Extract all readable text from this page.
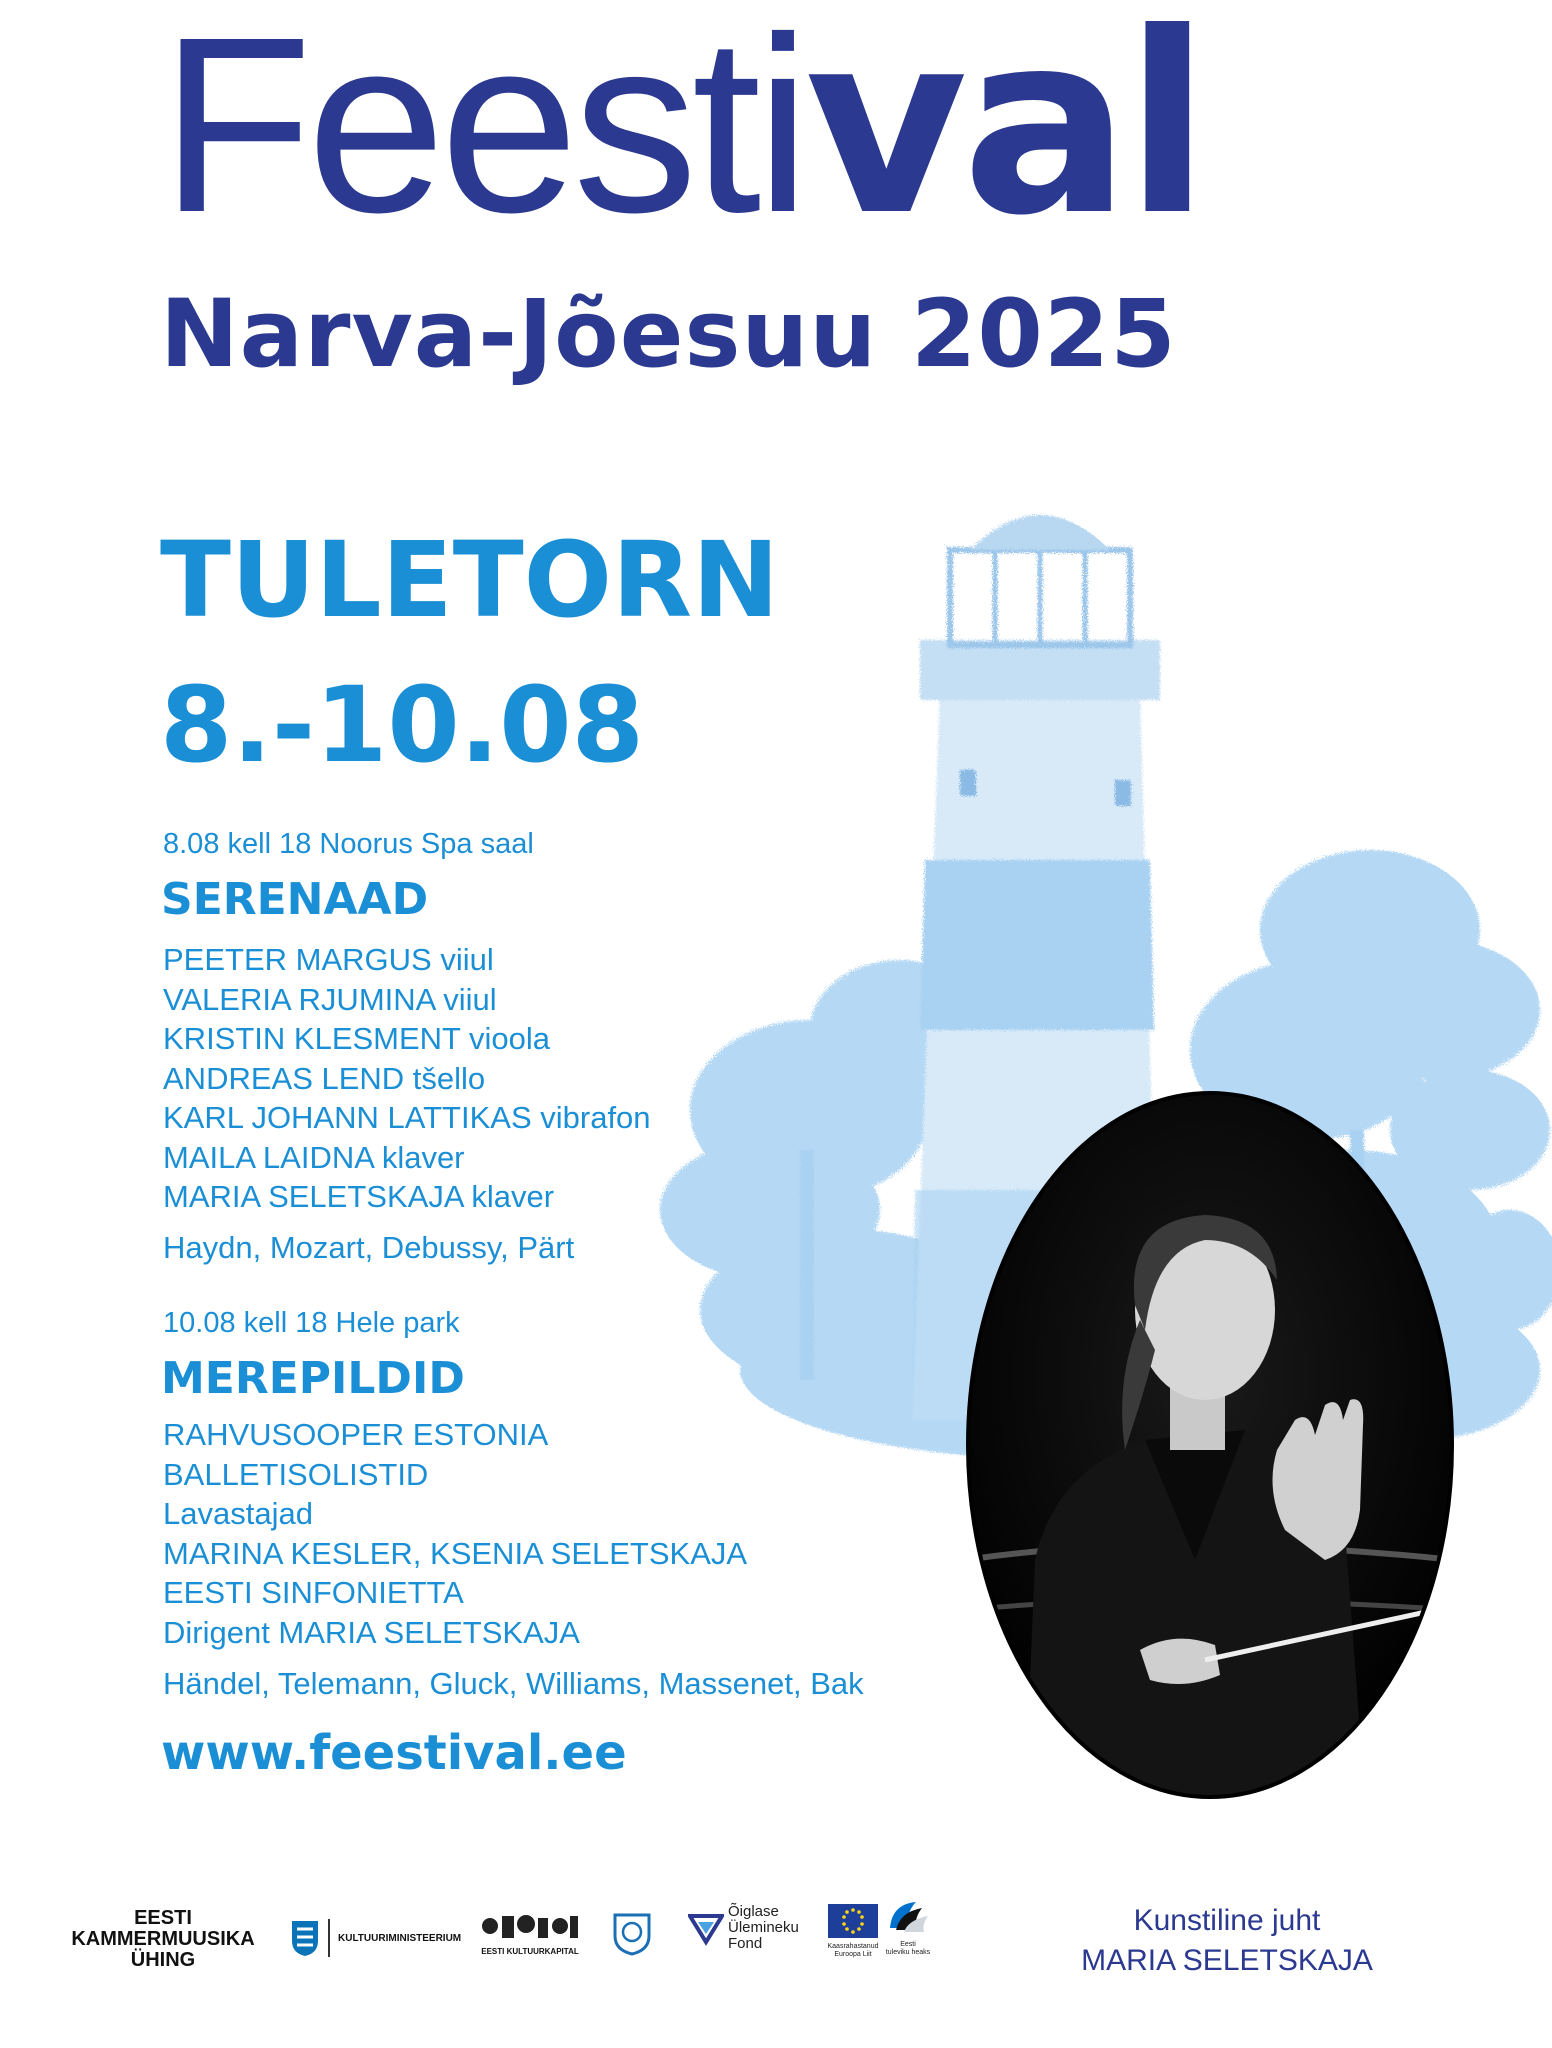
Feestival
Narva-Jõesuu 2025
TULETORN
8.-10.08
8.08 kell 18 Noorus Spa saal
SERENAAD
PEETER MARGUS viiul
VALERIA RJUMINA viiul
KRISTIN KLESMENT vioola
ANDREAS LEND tšello
KARL JOHANN LATTIKAS vibrafon
MAILA LAIDNA klaver
MARIA SELETSKAJA klaver
Haydn, Mozart, Debussy, Pärt
10.08 kell 18 Hele park
MEREPILDID
RAHVUSOOPER ESTONIA
BALLETISOLISTID
Lavastajad
MARINA KESLER, KSENIA SELETSKAJA
EESTI SINFONIETTA
Dirigent MARIA SELETSKAJA
Händel, Telemann, Gluck, Williams, Massenet, Bak
www.feestival.ee
Kunstiline juht
MARIA SELETSKAJA
EESTI
KAMMERMUUSIKA
ÜHING
KULTUURIMINISTEERIUM
EESTI KULTUURKAPITAL
Õiglase
Ülemineku
Fond	Kaasrahastanud
Euroopa Liit
Eesti
tuleviku heaks
